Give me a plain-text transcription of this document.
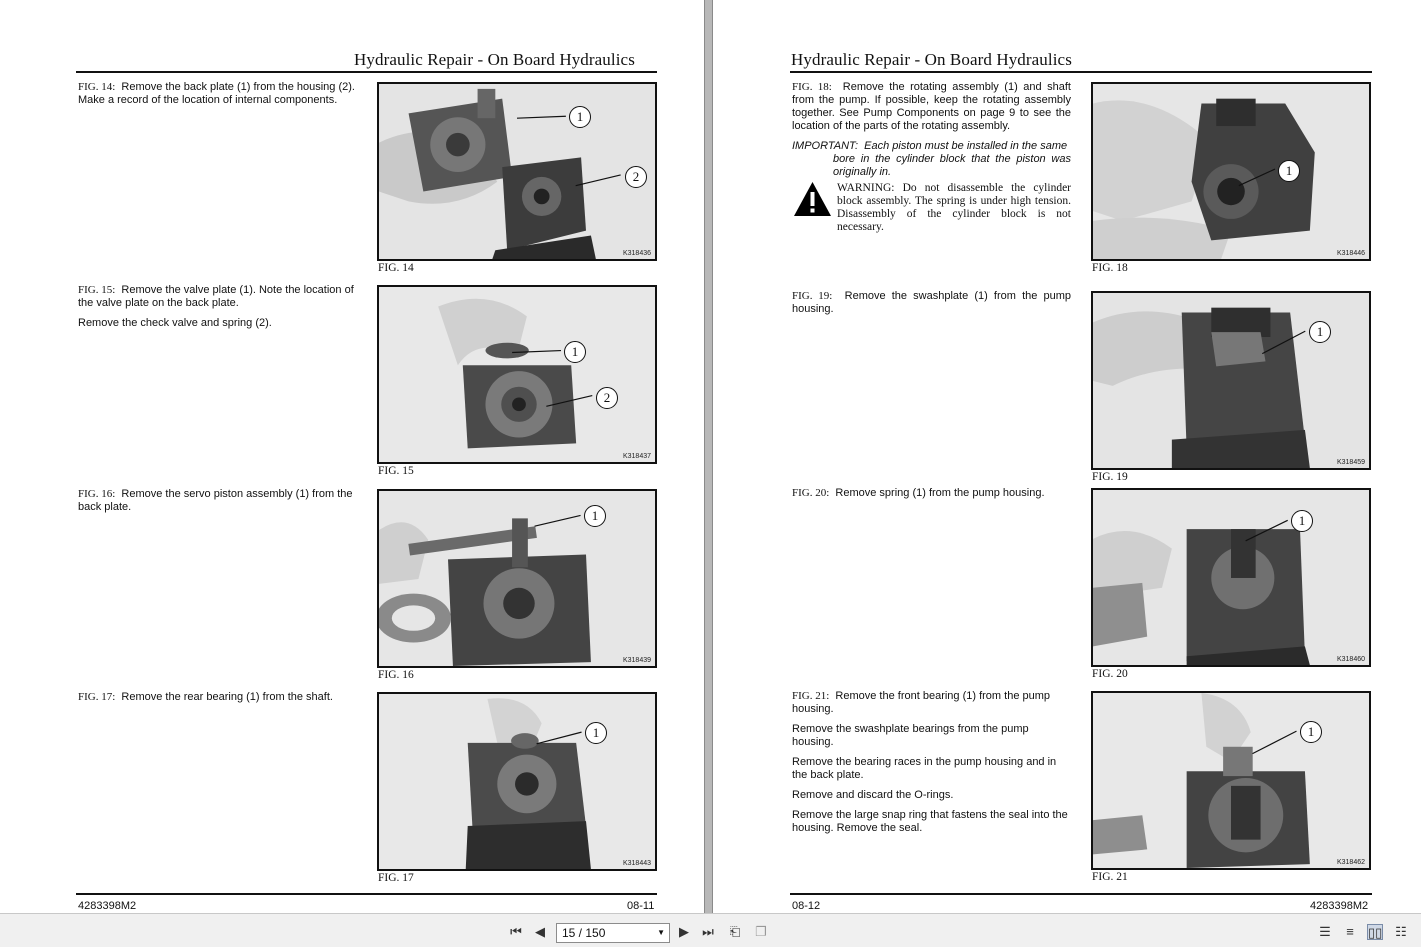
Hydraulic Repair - On Board Hydraulics

FIG. 14: Remove the back plate (1) from the housing (2). Make a record of the location of internal components.

1
2
K318436
FIG. 14

FIG. 15: Remove the valve plate (1). Note the location of the valve plate on the back plate.

Remove the check valve and spring (2).

1
2
K318437
FIG. 15

FIG. 16: Remove the servo piston assembly (1) from the back plate.

1
K318439
FIG. 16

FIG. 17: Remove the rear bearing (1) from the shaft.

1
K318443
FIG. 17
4283398M2	08-11
Hydraulic Repair - On Board Hydraulics

FIG. 18: Remove the rotating assembly (1) and shaft from the pump. If possible, keep the rotating assembly together. See Pump Components on page 9 to see the location of the parts of the rotating assembly.

IMPORTANT: Each piston must be installed in the same
bore in the cylinder block that the piston was originally in.

WARNING: Do not disassemble the cylinder block assembly. The spring is under high tension. Disassembly of the cylinder block is not necessary.
1
K318446
FIG. 18

FIG. 19: Remove the swashplate (1) from the pump housing.

1
K318459
FIG. 19

FIG. 20: Remove spring (1) from the pump housing.

1
K318460
FIG. 20

FIG. 21: Remove the front bearing (1) from the pump housing.

Remove the swashplate bearings from the pump housing.

Remove the bearing races in the pump housing and in the back plate.

Remove and discard the O-rings.

Remove the large snap ring that fastens the seal into the housing. Remove the seal.

1
K318462
FIG. 21
08-12	4283398M2
⏮ ◀	15 / 150	▼ ▶ ⏭ ⎗ ❐	☰	≡	▯▯ ☷
